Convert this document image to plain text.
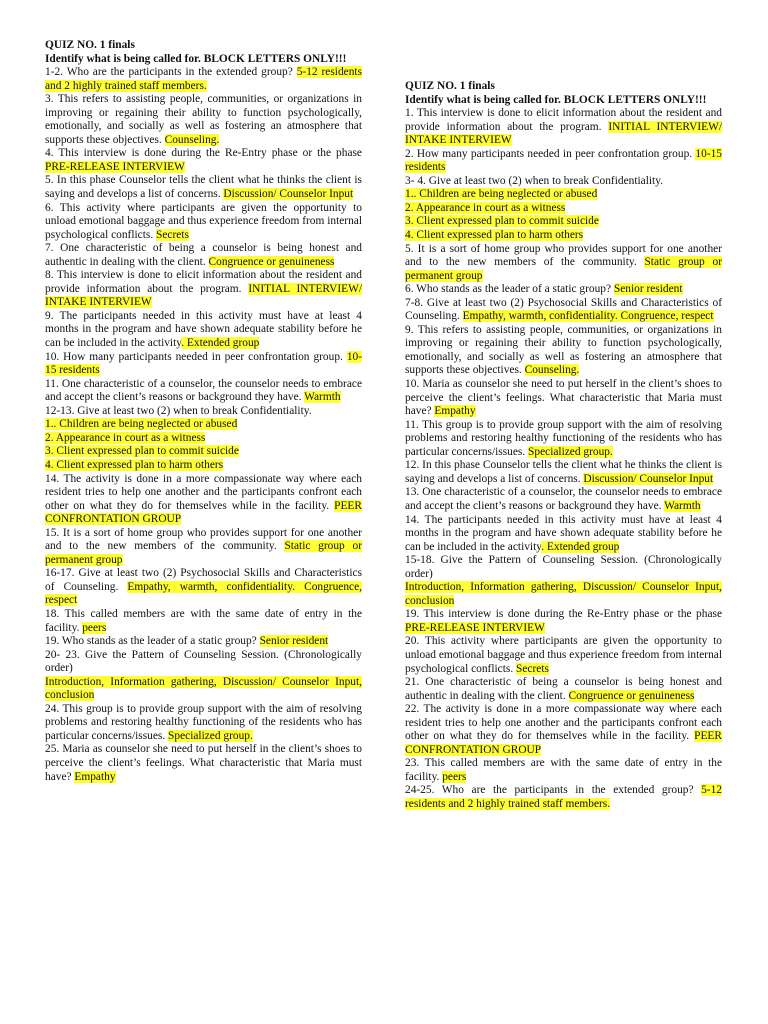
QUIZ NO. 1 finals

Identify what is being called for. BLOCK LETTERS ONLY!!!

1-2. Who are the participants in the extended group? 5-12 residents and 2 highly trained staff members.

3. This refers to assisting people, communities, or organizations in improving or regaining their ability to function psychologically, emotionally, and socially as well as fostering an atmosphere that supports these objectives. Counseling.

4. This interview is done during the Re-Entry phase or the phase PRE-RELEASE INTERVIEW

5. In this phase Counselor tells the client what he thinks the client is saying and develops a list of concerns. Discussion/ Counselor Input

6. This activity where participants are given the opportunity to unload emotional baggage and thus experience freedom from internal psychological conflicts. Secrets

7. One characteristic of being a counselor is being honest and authentic in dealing with the client. Congruence or genuineness

8. This interview is done to elicit information about the resident and provide information about the program. INITIAL INTERVIEW/ INTAKE INTERVIEW

9. The participants needed in this activity must have at least 4 months in the program and have shown adequate stability before he can be included in the activity. Extended group

10. How many participants needed in peer confrontation group. 10-15 residents

11. One characteristic of a counselor, the counselor needs to embrace and accept the client’s reasons or background they have. Warmth

12-13. Give at least two (2) when to break Confidentiality.

1.. Children are being neglected or abused

2. Appearance in court as a witness

3. Client expressed plan to commit suicide

4. Client expressed plan to harm others

14. The activity is done in a more compassionate way where each resident tries to help one another and the participants confront each other on what they do for themselves while in the facility. PEER CONFRONTATION GROUP

15. It is a sort of home group who provides support for one another and to the new members of the community. Static group or permanent group

16-17. Give at least two (2) Psychosocial Skills and Characteristics of Counseling. Empathy, warmth, confidentiality. Congruence, respect

18. This called members are with the same date of entry in the facility. peers

19. Who stands as the leader of a static group? Senior resident

20- 23. Give the Pattern of Counseling Session. (Chronologically order)

Introduction, Information gathering, Discussion/ Counselor Input, conclusion

24. This group is to provide group support with the aim of resolving problems and restoring healthy functioning of the residents who has particular concerns/issues. Specialized group.

25. Maria as counselor she need to put herself in the client’s shoes to perceive the client’s feelings. What characteristic that Maria must have? Empathy

QUIZ NO. 1 finals

Identify what is being called for. BLOCK LETTERS ONLY!!!

1. This interview is done to elicit information about the resident and provide information about the program. INITIAL INTERVIEW/ INTAKE INTERVIEW

2. How many participants needed in peer confrontation group. 10-15 residents

3- 4. Give at least two (2) when to break Confidentiality.

1.. Children are being neglected or abused

2. Appearance in court as a witness

3. Client expressed plan to commit suicide

4. Client expressed plan to harm others

5. It is a sort of home group who provides support for one another and to the new members of the community. Static group or permanent group

6. Who stands as the leader of a static group? Senior resident

7-8. Give at least two (2) Psychosocial Skills and Characteristics of Counseling. Empathy, warmth, confidentiality. Congruence, respect

9. This refers to assisting people, communities, or organizations in improving or regaining their ability to function psychologically, emotionally, and socially as well as fostering an atmosphere that supports these objectives. Counseling.

10. Maria as counselor she need to put herself in the client’s shoes to perceive the client’s feelings. What characteristic that Maria must have? Empathy

11. This group is to provide group support with the aim of resolving problems and restoring healthy functioning of the residents who has particular concerns/issues. Specialized group.

12. In this phase Counselor tells the client what he thinks the client is saying and develops a list of concerns. Discussion/ Counselor Input

13. One characteristic of a counselor, the counselor needs to embrace and accept the client’s reasons or background they have. Warmth

14. The participants needed in this activity must have at least 4 months in the program and have shown adequate stability before he can be included in the activity. Extended group

15-18. Give the Pattern of Counseling Session. (Chronologically order)

Introduction, Information gathering, Discussion/ Counselor Input, conclusion

19. This interview is done during the Re-Entry phase or the phase PRE-RELEASE INTERVIEW

20. This activity where participants are given the opportunity to unload emotional baggage and thus experience freedom from internal psychological conflicts. Secrets

21. One characteristic of being a counselor is being honest and authentic in dealing with the client. Congruence or genuineness

22. The activity is done in a more compassionate way where each resident tries to help one another and the participants confront each other on what they do for themselves while in the facility. PEER CONFRONTATION GROUP

23. This called members are with the same date of entry in the facility. peers

24-25. Who are the participants in the extended group? 5-12 residents and 2 highly trained staff members.
